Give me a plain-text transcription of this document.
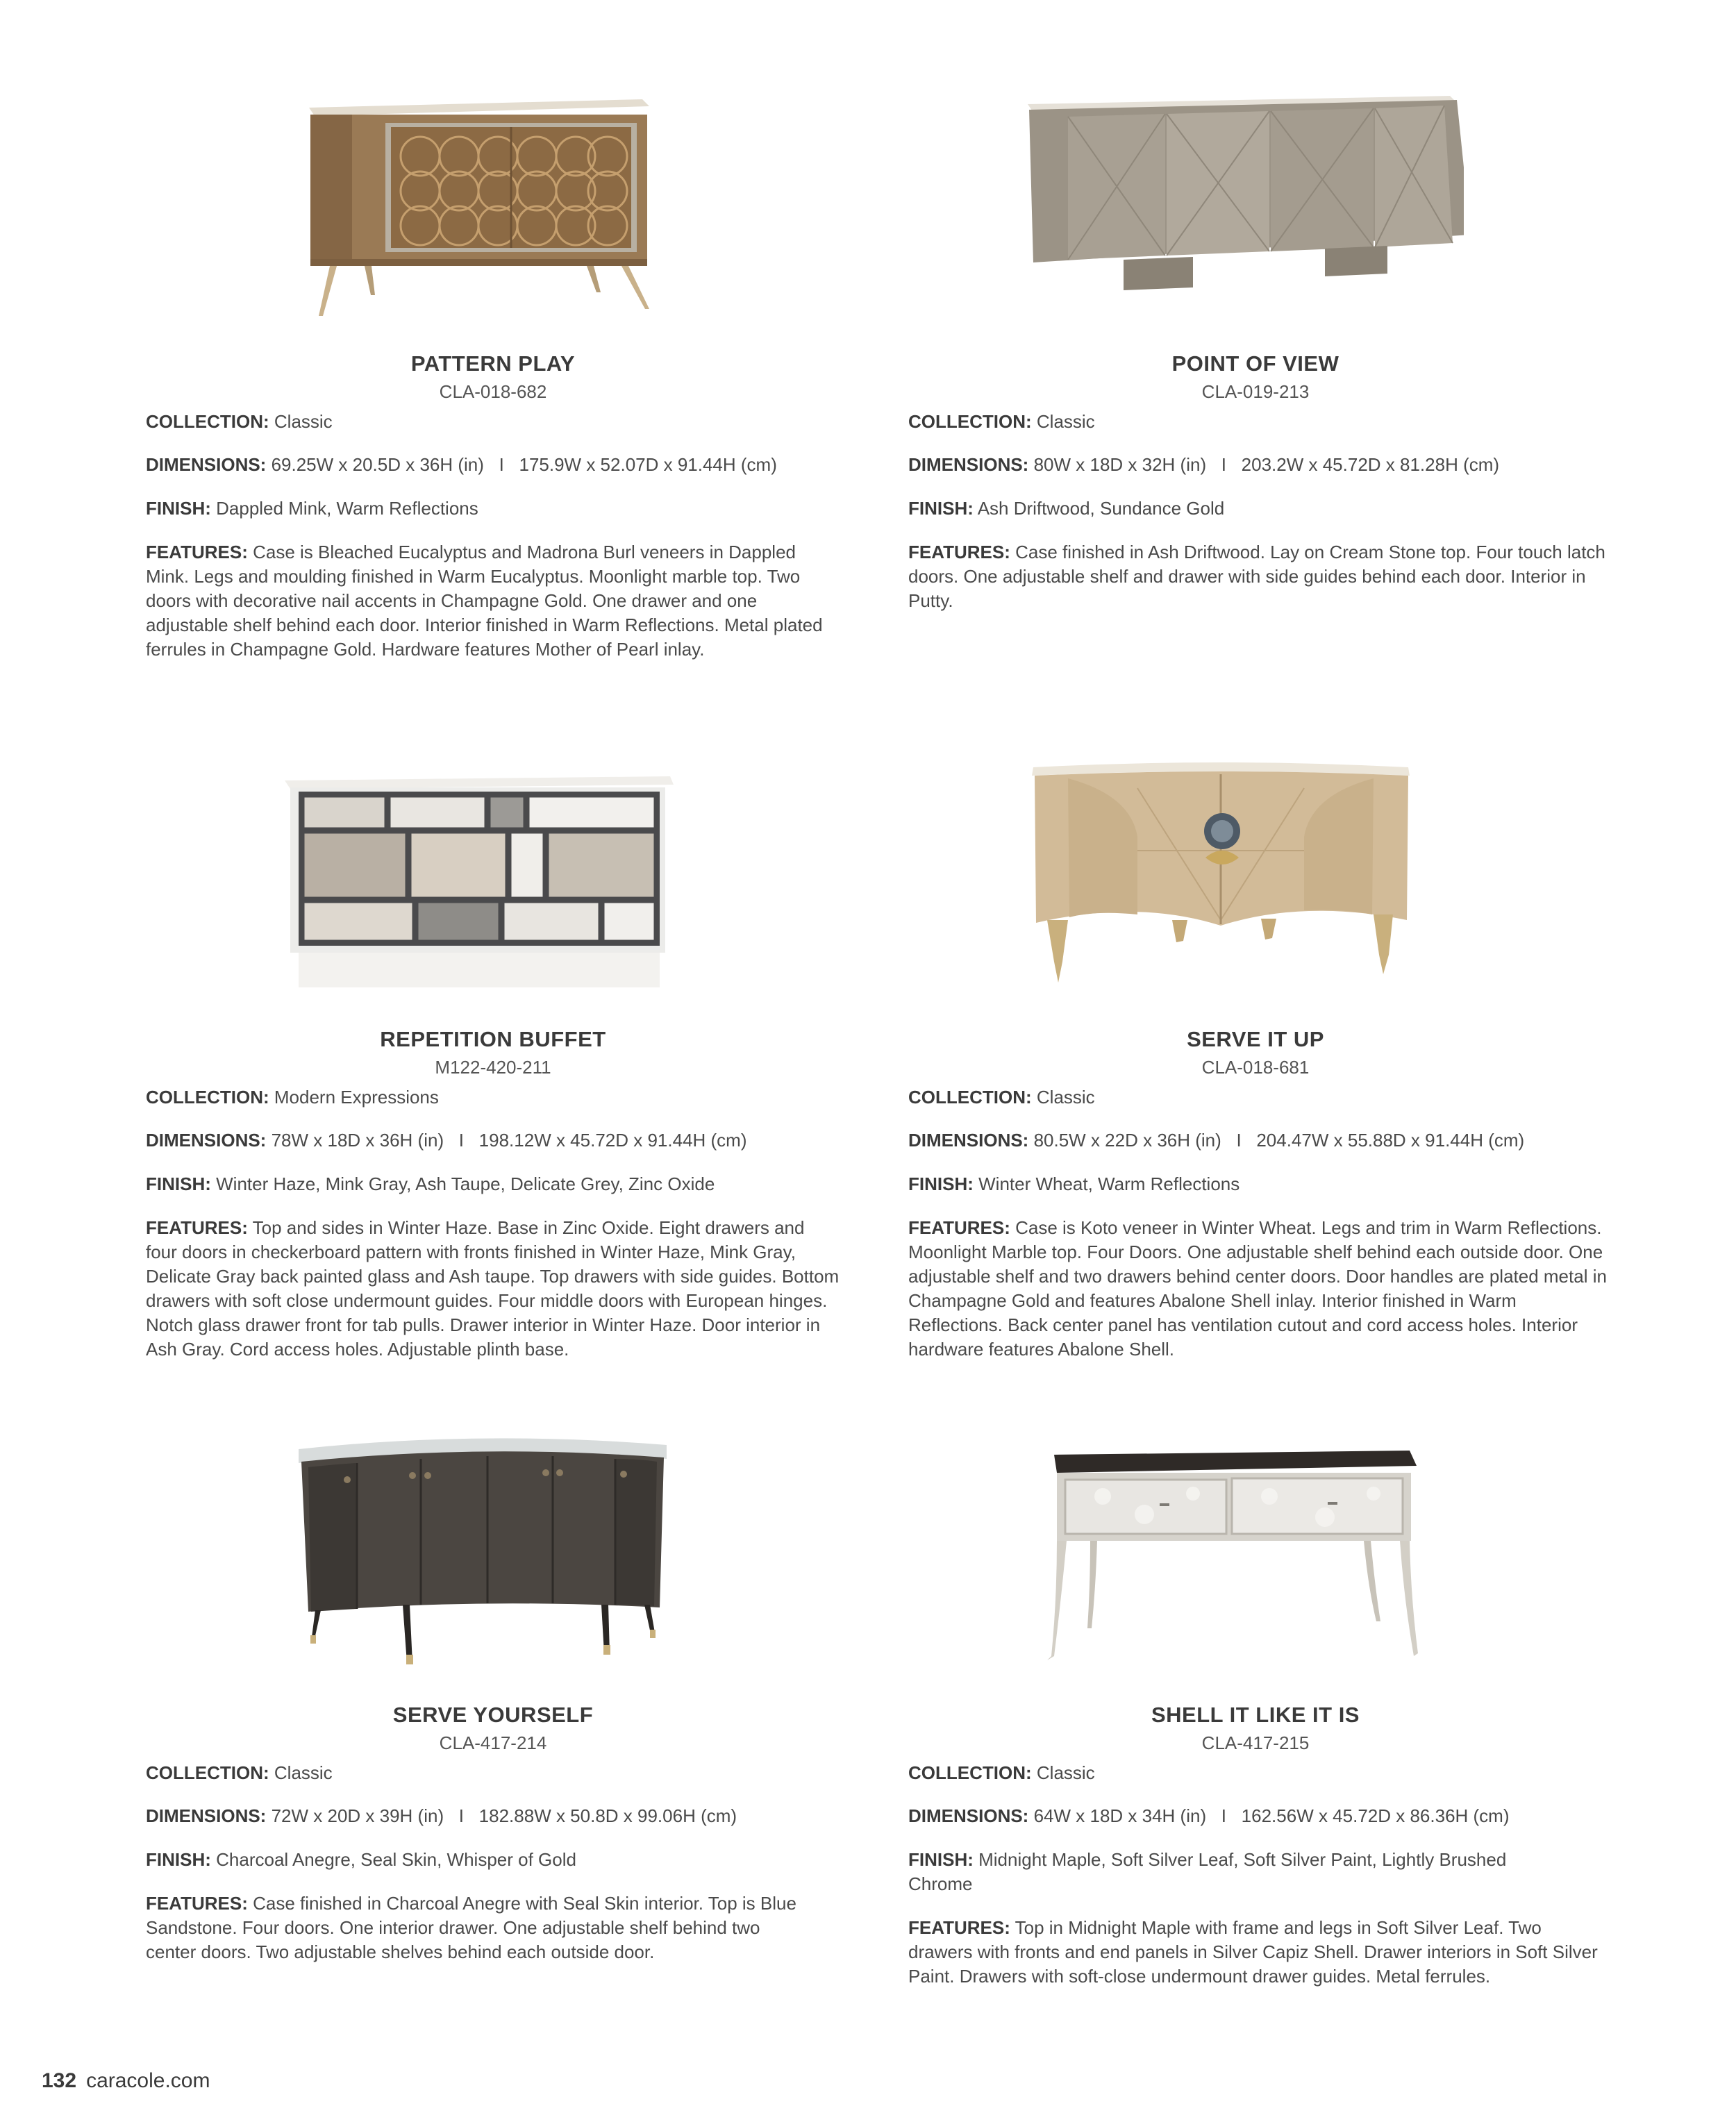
PATTERN PLAY
CLA-018-682
COLLECTION: Classic
DIMENSIONS: 69.25W x 20.5D x 36H (in)   I   175.9W x 52.07D x 91.44H (cm)
FINISH: Dappled Mink, Warm Reflections
FEATURES: Case is Bleached Eucalyptus and Madrona Burl veneers in Dappled Mink. Legs and moulding finished in Warm Eucalyptus. Moonlight marble top. Two doors with decorative nail accents in Champagne Gold. One drawer and one adjustable shelf behind each door. Interior finished in Warm Reflections. Metal plated ferrules in Champagne Gold. Hardware features Mother of Pearl inlay.
POINT OF VIEW
CLA-019-213
COLLECTION: Classic
DIMENSIONS: 80W x 18D x 32H (in)   I   203.2W x 45.72D x 81.28H (cm)
FINISH: Ash Driftwood, Sundance Gold
FEATURES: Case finished in Ash Driftwood. Lay on Cream Stone top. Four touch latch doors. One adjustable shelf and drawer with side guides behind each door. Interior in Putty.
REPETITION BUFFET
M122-420-211
COLLECTION: Modern Expressions
DIMENSIONS: 78W x 18D x 36H (in)   I   198.12W x 45.72D x 91.44H (cm)
FINISH: Winter Haze, Mink Gray, Ash Taupe, Delicate Grey, Zinc Oxide
FEATURES: Top and sides in Winter Haze. Base in Zinc Oxide. Eight drawers and four doors in checkerboard pattern with fronts finished in Winter Haze, Mink Gray, Delicate Gray back painted glass and Ash taupe. Top drawers with side guides. Bottom drawers with soft close undermount guides. Four middle doors with European hinges. Notch glass drawer front for tab pulls. Drawer interior in Winter Haze. Door interior in Ash Gray. Cord access holes. Adjustable plinth base.
SERVE IT UP
CLA-018-681
COLLECTION: Classic
DIMENSIONS: 80.5W x 22D x 36H (in)   I   204.47W x 55.88D x 91.44H (cm)
FINISH: Winter Wheat, Warm Reflections
FEATURES: Case is Koto veneer in Winter Wheat. Legs and trim in Warm Reflections. Moonlight Marble top. Four Doors. One adjustable shelf behind each outside door. One adjustable shelf and two drawers behind center doors. Door handles are plated metal in Champagne Gold and features Abalone Shell inlay. Interior finished in Warm Reflections. Back center panel has ventilation cutout and cord access holes. Interior hardware features Abalone Shell.
SERVE YOURSELF
CLA-417-214
COLLECTION: Classic
DIMENSIONS: 72W x 20D x 39H (in)   I   182.88W x 50.8D x 99.06H (cm)
FINISH: Charcoal Anegre, Seal Skin, Whisper of Gold
FEATURES: Case finished in Charcoal Anegre with Seal Skin interior. Top is Blue Sandstone. Four doors. One interior drawer. One adjustable shelf behind two center doors. Two adjustable shelves behind each outside door.
SHELL IT LIKE IT IS
CLA-417-215
COLLECTION: Classic
DIMENSIONS: 64W x 18D x 34H (in)   I   162.56W x 45.72D x 86.36H (cm)
FINISH: Midnight Maple, Soft Silver Leaf, Soft Silver Paint, Lightly Brushed Chrome
FEATURES: Top in Midnight Maple with frame and legs in Soft Silver Leaf. Two drawers with fronts and end panels in Silver Capiz Shell. Drawer interiors in Soft Silver Paint. Drawers with soft-close undermount drawer guides. Metal ferrules.
132 caracole.com
